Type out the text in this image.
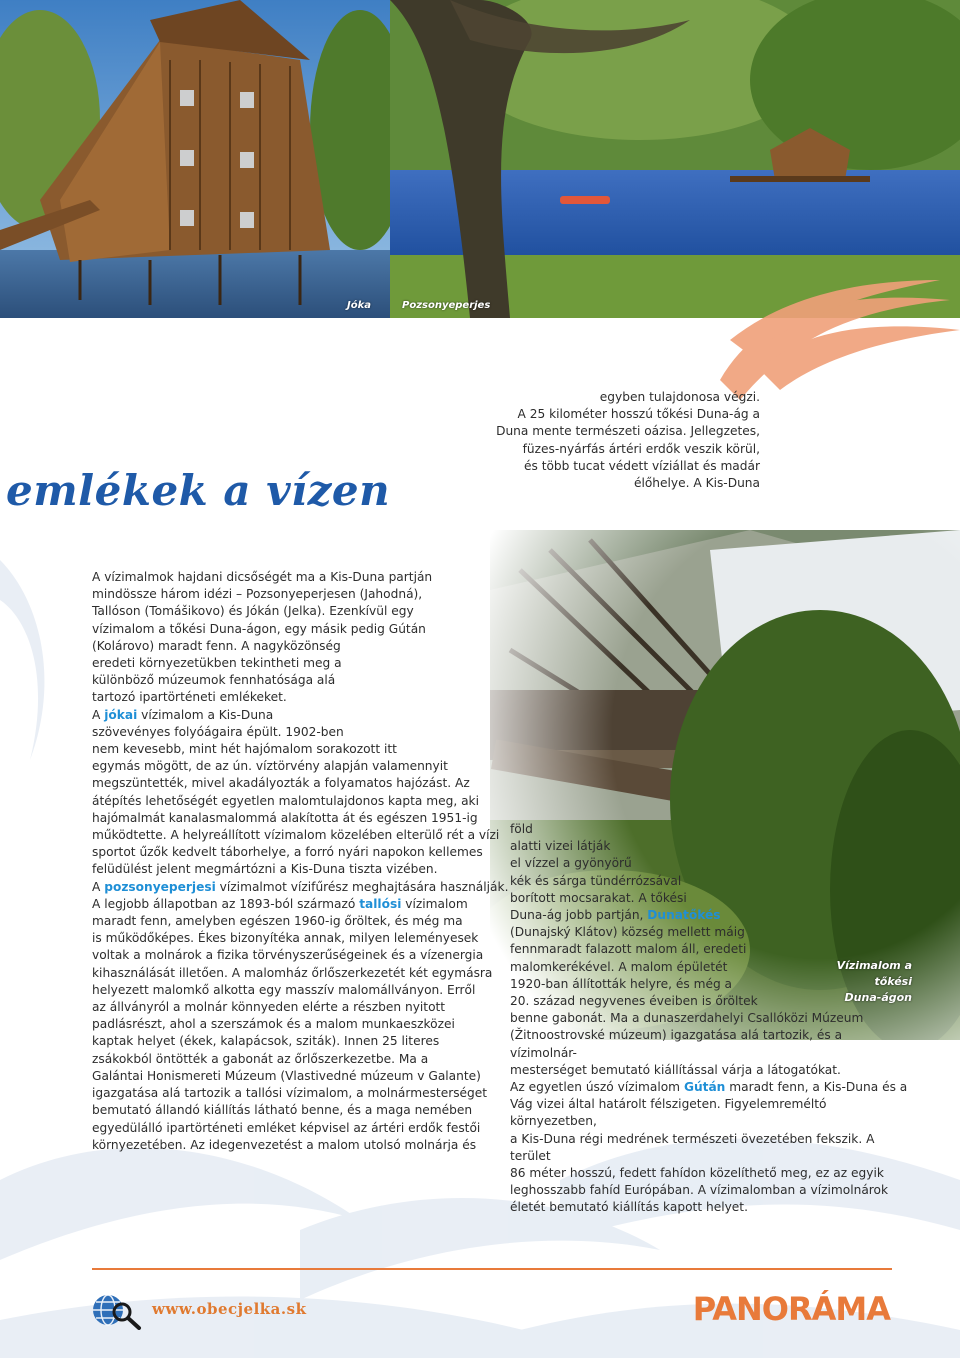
Jóka	Pozsonyeperjes
emlékek a vízen
egyben tulajdonosa végzi.
A 25 kilométer hosszú tőkési Duna-ág a
Duna mente természeti oázisa. Jellegzetes,
füzes-nyárfás ártéri erdők veszik körül,
és több tucat védett víziállat és madár
élőhelye. A Kis-Duna
Vízimalom a tőkési
Duna-ágon
A vízimalmok hajdani dicsőségét ma a Kis-Duna partján
mindössze három idézi – Pozsonyeperjesen (Jahodná),
Tallóson (Tomášikovo) és Jókán (Jelka). Ezenkívül egy
vízimalom a tőkési Duna-ágon, egy másik pedig Gútán
(Kolárovo) maradt fenn. A nagyközönség
eredeti környezetükben tekintheti meg a
különböző múzeumok fennhatósága alá
tartozó ipartörténeti emlékeket.
A jókai vízimalom a Kis-Duna
szövevényes folyóágaira épült. 1902-ben
nem kevesebb, mint hét hajómalom sorakozott itt
egymás mögött, de az ún. víztörvény alapján valamennyit
megszüntették, mivel akadályozták a folyamatos hajózást. Az
átépítés lehetőségét egyetlen malomtulajdonos kapta meg, aki
hajómalmát kanalasmalommá alakította át és egészen 1951-ig
működtette. A helyreállított vízimalom közelében elterülő rét a vízi
sportot űzők kedvelt táborhelye, a forró nyári napokon kellemes
felüdülést jelent megmártózni a Kis-Duna tiszta vizében.
A pozsonyeperjesi vízimalmot vízifűrész meghajtására használják.
A legjobb állapotban az 1893-ból származó tallósi vízimalom
maradt fenn, amelyben egészen 1960-ig őröltek, és még ma
is működőképes. Ékes bizonyítéka annak, milyen leleményesek
voltak a molnárok a fizika törvényszerűségeinek és a vízenergia
kihasználását illetően. A malomház őrlőszerkezetét két egymásra
helyezett malomkő alkotta egy masszív malomállványon. Erről
az állványról a molnár könnyeden elérte a részben nyitott
padlásrészt, ahol a szerszámok és a malom munkaeszközei
kaptak helyet (ékek, kalapácsok, sziták). Innen 25 literes
zsákokból öntötték a gabonát az őrlőszerkezetbe. Ma a
Galántai Honismereti Múzeum (Vlastivedné múzeum v Galante)
igazgatása alá tartozik a tallósi vízimalom, a molnármesterséget
bemutató állandó kiállítás látható benne, és a maga nemében
egyedülálló ipartörténeti emléket képvisel az ártéri erdők festői
környezetében. Az idegenvezetést a malom utolsó molnárja és
föld
alatti vizei látják
el vízzel a gyönyörű
kék és sárga tündérrózsával
borított mocsarakat. A tőkési
Duna-ág jobb partján, Dunatőkés
(Dunajský Klátov) község mellett máig
fennmaradt falazott malom áll, eredeti
malomkerékével. A malom épületét
1920-ban állították helyre, és még a
20. század negyvenes éveiben is őröltek
benne gabonát. Ma a dunaszerdahelyi Csallóközi Múzeum
(Žitnoostrovské múzeum) igazgatása alá tartozik, és a vízimolnár-
mesterséget bemutató kiállítással várja a látogatókat.
Az egyetlen úszó vízimalom Gútán maradt fenn, a Kis-Duna és a
Vág vizei által határolt félszigeten. Figyelemreméltó környezetben,
a Kis-Duna régi medrének természeti övezetében fekszik. A terület
86 méter hosszú, fedett fahídon közelíthető meg, ez az egyik
leghosszabb fahíd Európában. A vízimalomban a vízimolnárok
életét bemutató kiállítás kapott helyet.
www.obecjelka.sk	PANORÁMA
